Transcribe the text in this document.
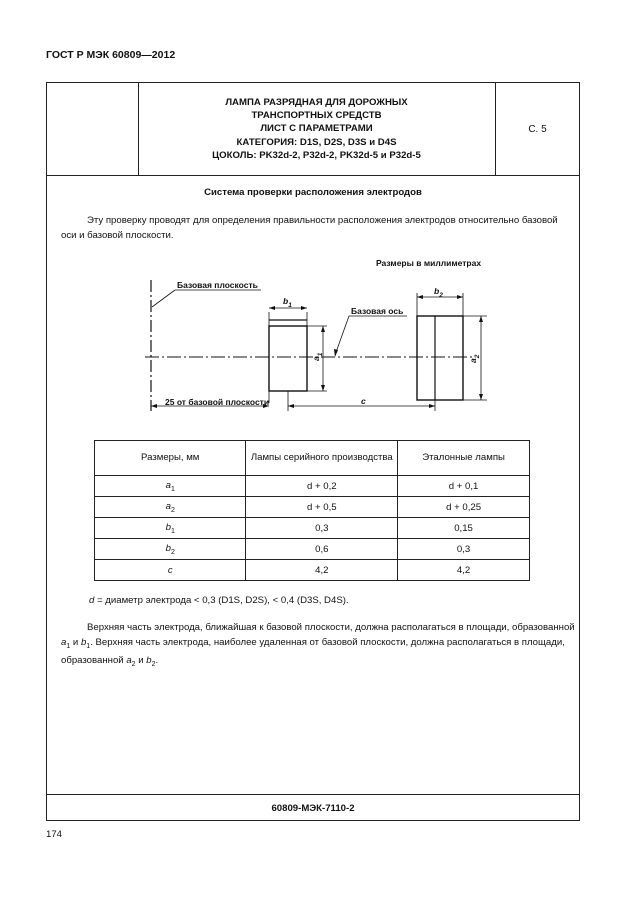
ГОСТ Р МЭК 60809—2012
ЛАМПА РАЗРЯДНАЯ ДЛЯ ДОРОЖНЫХ
ТРАНСПОРТНЫХ СРЕДСТВ
ЛИСТ С ПАРАМЕТРАМИ
КАТЕГОРИЯ: D1S, D2S, D3S и D4S
ЦОКОЛЬ: PK32d-2, P32d-2, PK32d-5 и P32d-5
С. 5
Система проверки расположения электродов
Эту проверку проводят для определения правильности расположения электродов относительно базовой оси и базовой плоскости.
Размеры в миллиметрах
Базовая плоскость
Базовая ось
$b_1$
$a_1$
$b_2$
$a_2$
25 от базовой плоскости	c
Размеры, мм	Лампы серийного производства	Эталонные лампы
$a_1$	d + 0,2	d + 0,1
$a_2$	d + 0,5	d + 0,25
$b_1$	0,3	0,15
$b_2$	0,6	0,3
c	4,2	4,2
d = диаметр электрода < 0,3 (D1S, D2S), < 0,4 (D3S, D4S).
Верхняя часть электрода, ближайшая к базовой плоскости, должна располагаться в площади, образованной $a_1$ и $b_1$. Верхняя часть электрода, наиболее удаленная от базовой плоскости, должна располагаться в площади, образованной $a_2$ и $b_2$.
60809-МЭК-7110-2
174
